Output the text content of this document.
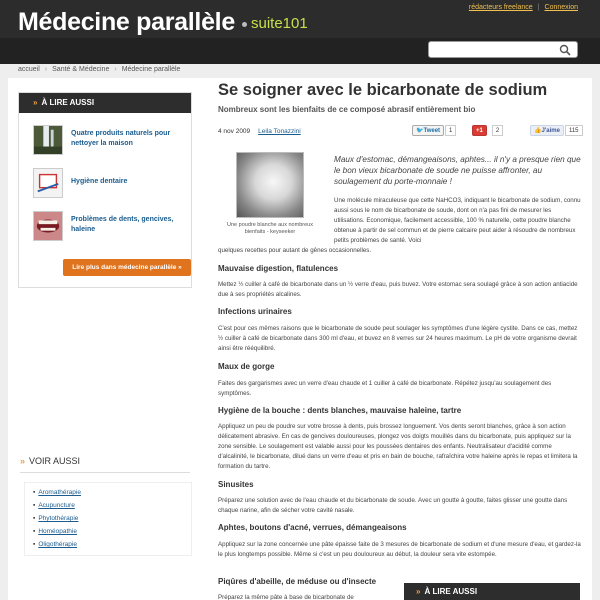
Médecine parallèle	suite101
rédacteurs freelance | Connexion
accueil › Santé & Médecine › Médecine parallèle
» À LIRE AUSSI
Quatre produits naturels pour nettoyer la maison
Hygiène dentaire
Problèmes de dents, gencives, haleine
Lire plus dans médecine parallèle »
» VOIR AUSSI
▪ Aromathérapie
▪ Acupuncture
▪ Phytothérapie
▪ Homéopathie
▪ Oligothérapie
Se soigner avec le bicarbonate de sodium
Nombreux sont les bienfaits de ce composé abrasif entièrement bio
4 nov 2009 Leila Tonazzini	🐦Tweet 1	+1 2	👍J'aime 115
Une poudre blanche aux nombreux bienfaits - keyseeker
Maux d'estomac, démangeaisons, aphtes... il n'y a presque rien que le bon vieux bicarbonate de soude ne puisse affronter, au soulagement du porte-monnaie !
Une molécule miraculeuse que cette NaHCO3, indiquant le bicarbonate de sodium, connu aussi sous le nom de bicarbonate de soude, dont on n'a pas fini de mesurer les utilisations. Economique, facilement accessible, 100 % naturelle, cette poudre blanche obtenue à partir de sel commun et de pierre calcaire peut aider à résoudre de nombreux petits problèmes de santé. Voici
quelques recettes pour autant de gênes occasionnelles.
Mauvaise digestion, flatulences
Mettez ½ cuiller à café de bicarbonate dans un ½ verre d'eau, puis buvez. Votre estomac sera soulagé grâce à son action antiacide due à ses propriétés alcalines.
Infections urinaires
C'est pour ces mêmes raisons que le bicarbonate de soude peut soulager les symptômes d'une légère cystite. Dans ce cas, mettez ½ cuiller à café de bicarbonate dans 300 ml d'eau, et buvez en 8 verres sur 24 heures maximum. Le pH de votre organisme devrait ainsi être rééquilibré.
Maux de gorge
Faites des gargarismes avec un verre d'eau chaude et 1 cuiller à café de bicarbonate. Répétez jusqu'au soulagement des symptômes.
Hygiène de la bouche : dents blanches, mauvaise haleine, tartre
Appliquez un peu de poudre sur votre brosse à dents, puis brossez longuement. Vos dents seront blanches, grâce à son action délicatement abrasive. En cas de gencives douloureuses, plongez vos doigts mouillés dans du bicarbonate, puis appliquez sur la zone sensible. Le soulagement est valable aussi pour les poussées dentaires des enfants. Neutralisateur d'acidité comme d'alcalinité, le bicarbonate, dilué dans un verre d'eau et pris en bain de bouche, rafraîchira votre haleine après le repas et limitera la formation du tartre.
Sinusites
Préparez une solution avec de l'eau chaude et du bicarbonate de soude. Avec un goutte à goutte, faites glisser une goutte dans chaque narine, afin de sécher votre cavité nasale.
Aphtes, boutons d'acné, verrues, démangeaisons
Appliquez sur la zone concernée une pâte épaisse faite de 3 mesures de bicarbonate de sodium et d'une mesure d'eau, et gardez-la le plus longtemps possible. Même si c'est un peu douloureux au début, la douleur sera vite estompée.
Piqûres d'abeille, de méduse ou d'insecte
Préparez la même pâte à base de bicarbonate de
» À LIRE AUSSI
